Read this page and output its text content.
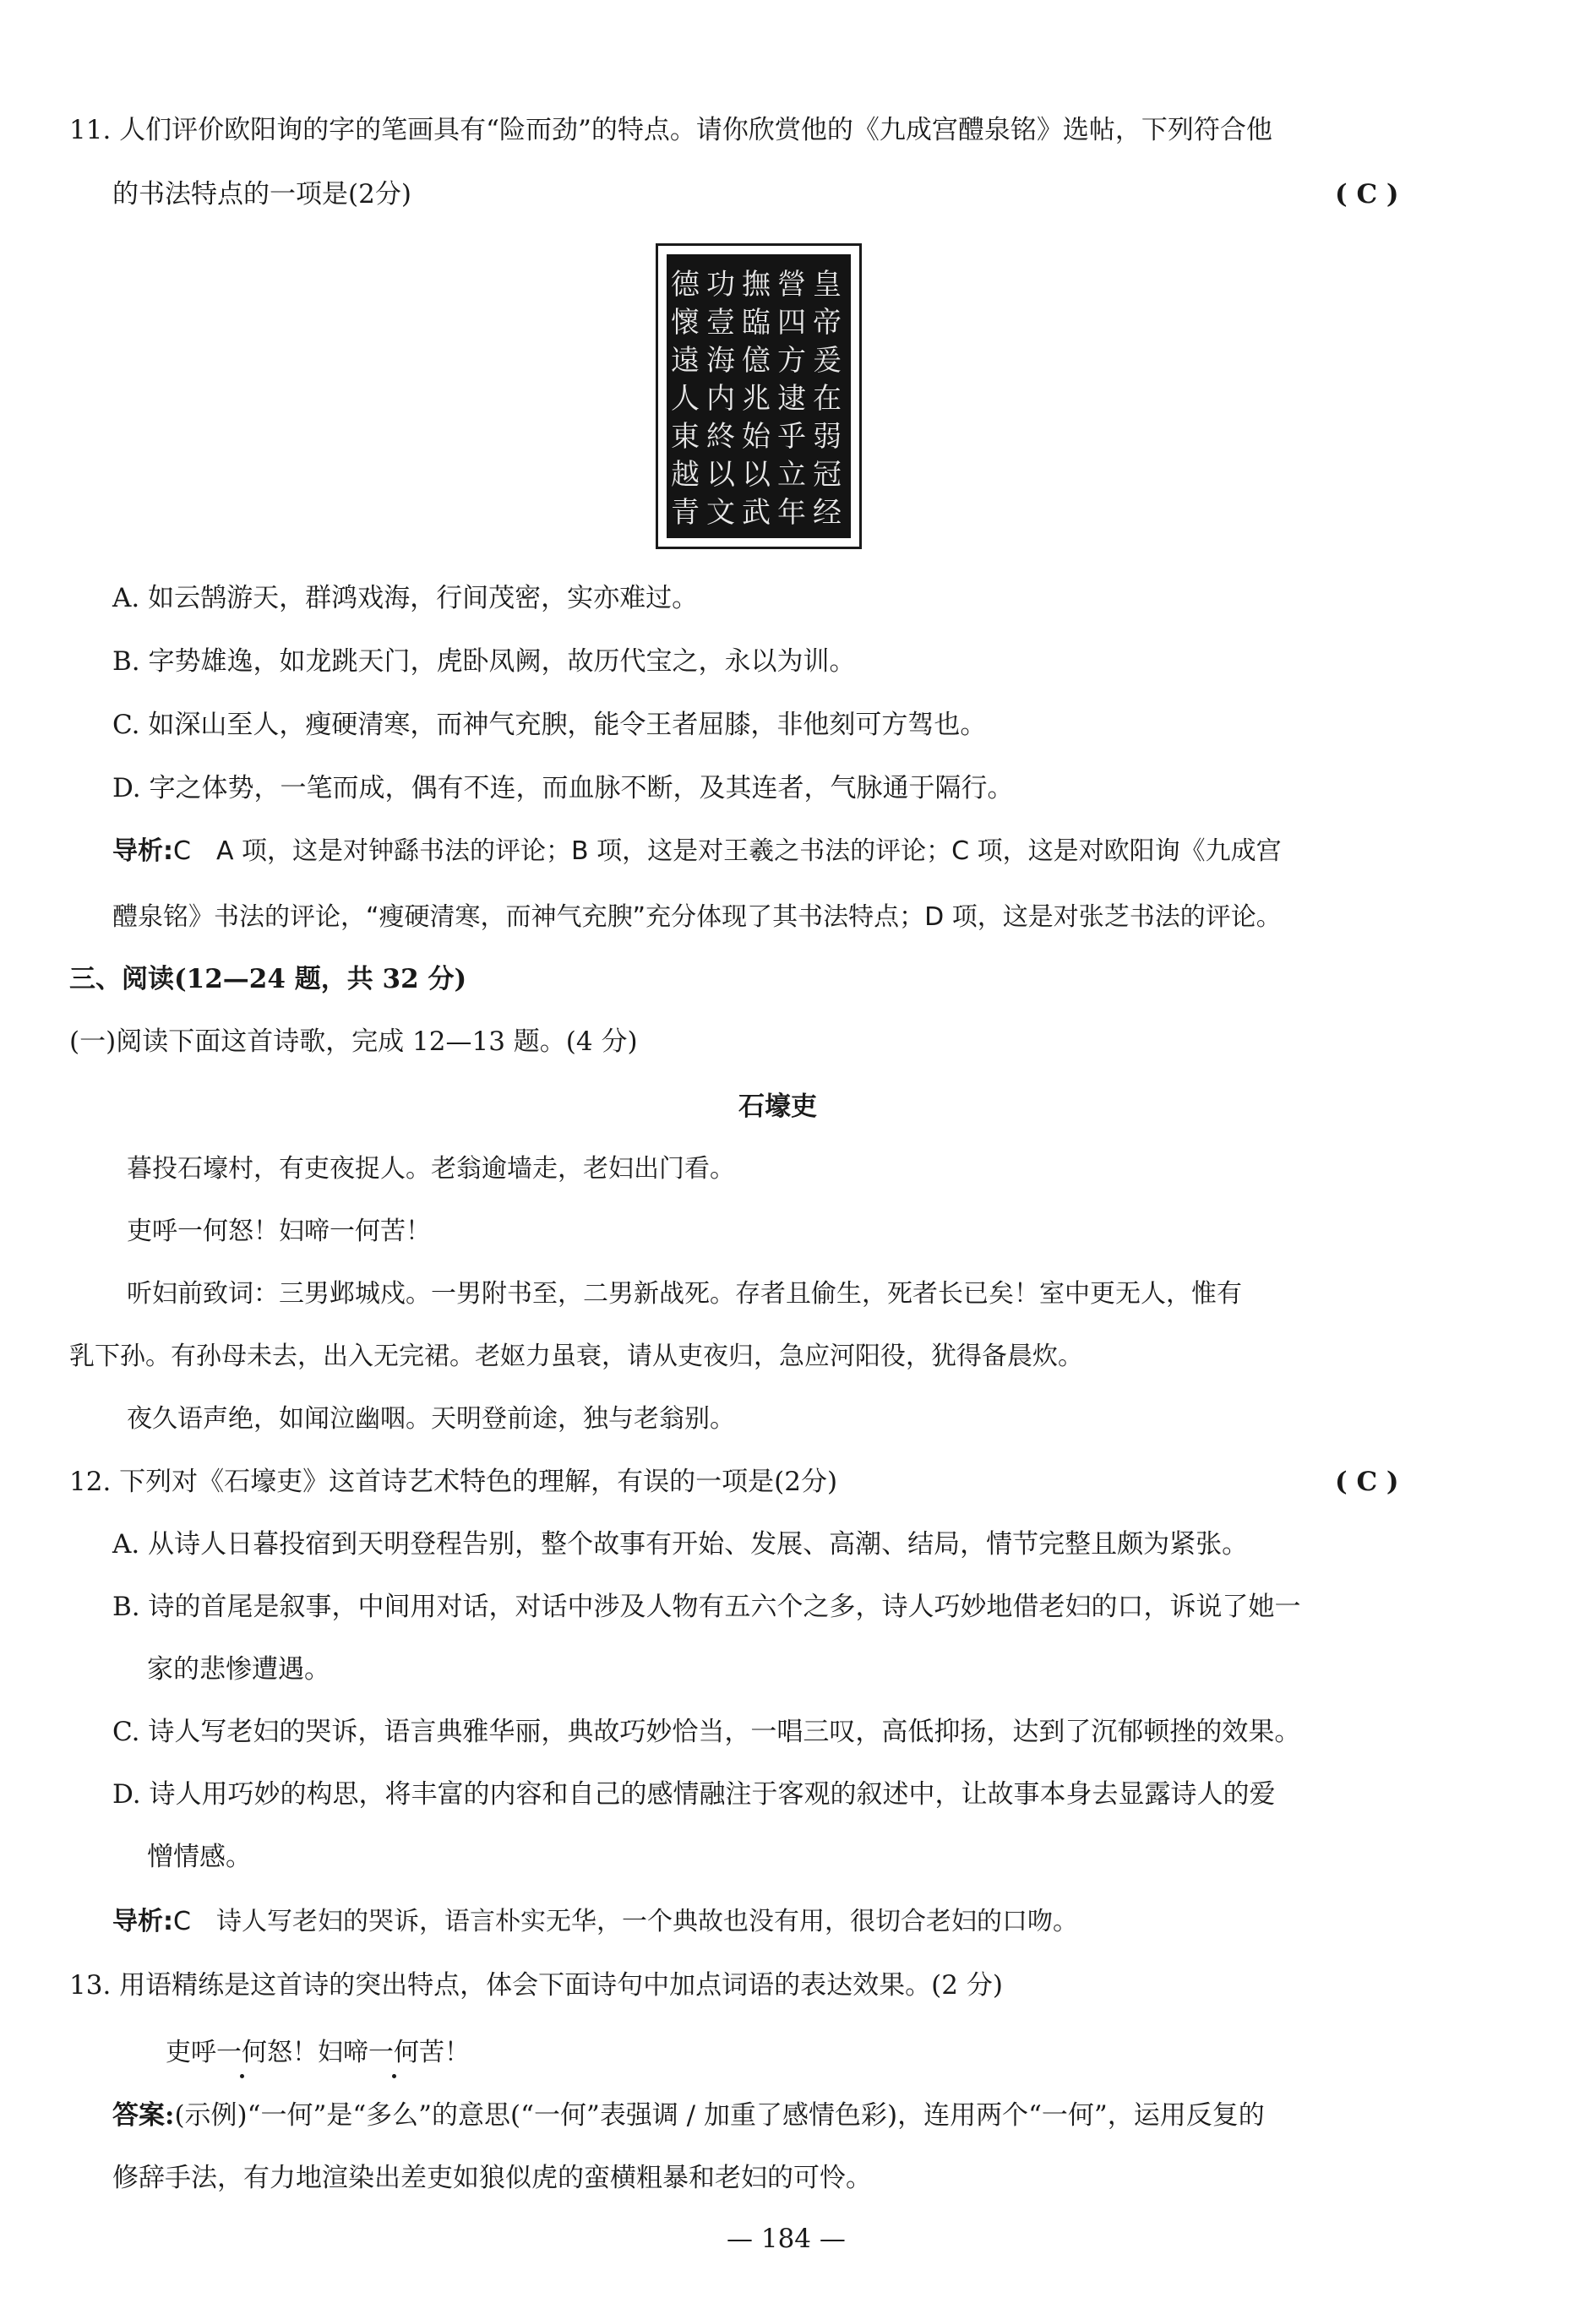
11. 人们评价欧阳询的字的笔画具有“险而劲”的特点。请你欣赏他的《九成宫醴泉铭》选帖，下列符合他
的书法特点的一项是(2分)	( C )
皇帝爰在弱冠经
營四方逮乎立年
撫臨億兆始以武
功壹海内終以文
德懷遠人東越青
A. 如云鹄游天，群鸿戏海，行间茂密，实亦难过。
B. 字势雄逸，如龙跳天门，虎卧凤阙，故历代宝之，永以为训。
C. 如深山至人，瘦硬清寒，而神气充腴，能令王者屈膝，非他刻可方驾也。
D. 字之体势，一笔而成，偶有不连，而血脉不断，及其连者，气脉通于隔行。
导析:C　A 项，这是对钟繇书法的评论；B 项，这是对王羲之书法的评论；C 项，这是对欧阳询《九成宫
醴泉铭》书法的评论，“瘦硬清寒，而神气充腴”充分体现了其书法特点；D 项，这是对张芝书法的评论。
三、阅读(12—24 题，共 32 分)
(一)阅读下面这首诗歌，完成 12—13 题。(4 分)
石壕吏
暮投石壕村，有吏夜捉人。老翁逾墙走，老妇出门看。
吏呼一何怒！妇啼一何苦！
听妇前致词：三男邺城戍。一男附书至，二男新战死。存者且偷生，死者长已矣！室中更无人，惟有
乳下孙。有孙母未去，出入无完裙。老妪力虽衰，请从吏夜归，急应河阳役，犹得备晨炊。
夜久语声绝，如闻泣幽咽。天明登前途，独与老翁别。
12. 下列对《石壕吏》这首诗艺术特色的理解，有误的一项是(2分)	( C )
A. 从诗人日暮投宿到天明登程告别，整个故事有开始、发展、高潮、结局，情节完整且颇为紧张。
B. 诗的首尾是叙事，中间用对话，对话中涉及人物有五六个之多，诗人巧妙地借老妇的口，诉说了她一
家的悲惨遭遇。
C. 诗人写老妇的哭诉，语言典雅华丽，典故巧妙恰当，一唱三叹，高低抑扬，达到了沉郁顿挫的效果。
D. 诗人用巧妙的构思，将丰富的内容和自己的感情融注于客观的叙述中，让故事本身去显露诗人的爱
憎情感。
导析:C　诗人写老妇的哭诉，语言朴实无华，一个典故也没有用，很切合老妇的口吻。
13. 用语精练是这首诗的突出特点，体会下面诗句中加点词语的表达效果。(2 分)
吏呼一何怒！妇啼一何苦！
答案:(示例)“一何”是“多么”的意思(“一何”表强调 / 加重了感情色彩)，连用两个“一何”，运用反复的
修辞手法，有力地渲染出差吏如狼似虎的蛮横粗暴和老妇的可怜。
— 184 —
